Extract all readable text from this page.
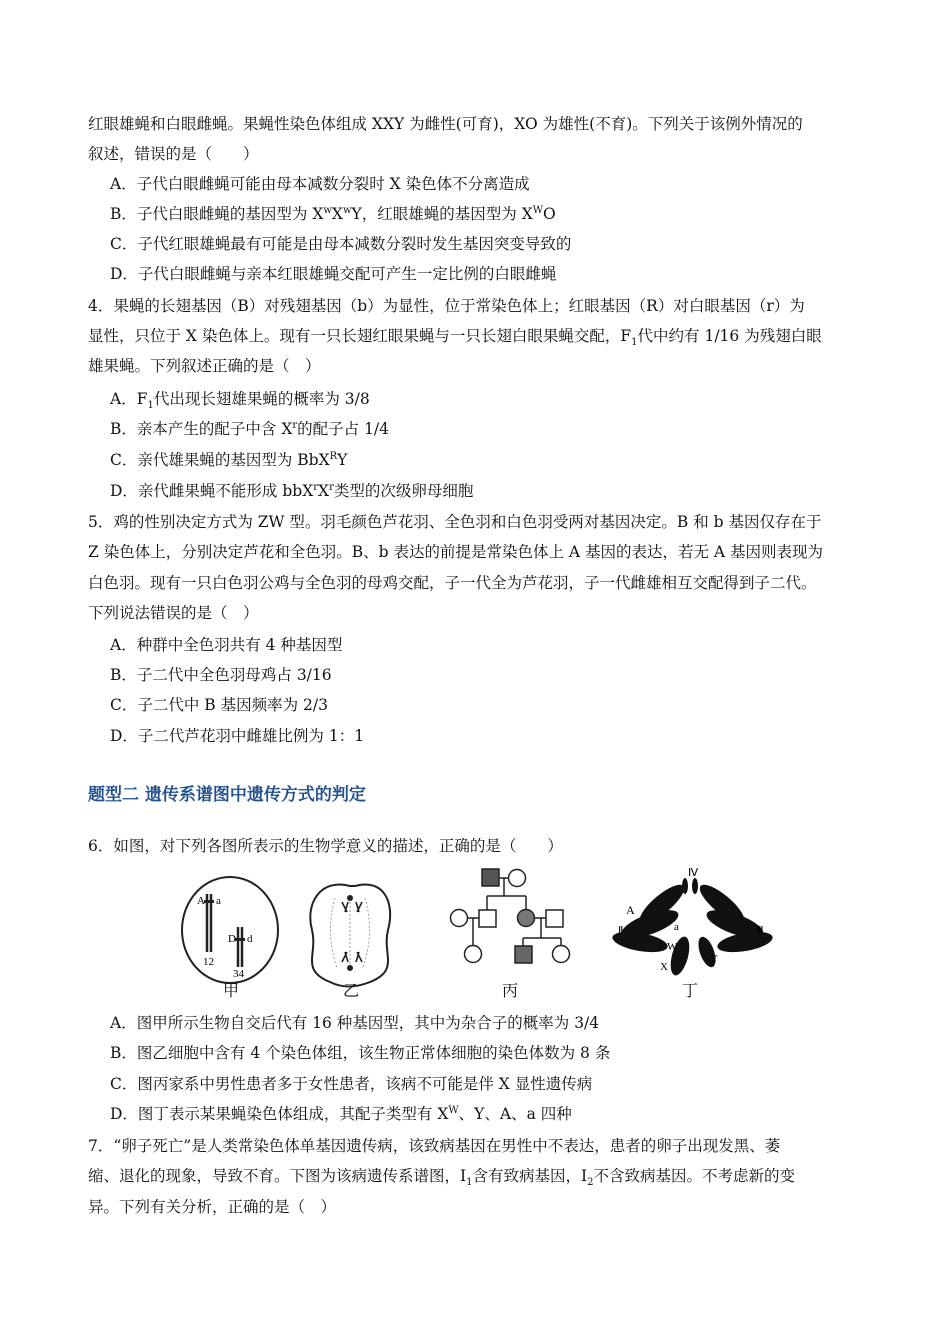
红眼雄蝇和白眼雌蝇。果蝇性染色体组成 XXY 为雌性(可育)，XO 为雄性(不育)。下列关于该例外情况的
叙述，错误的是（　　）
A．子代白眼雌蝇可能由母本减数分裂时 X 染色体不分离造成
B．子代白眼雌蝇的基因型为 $X^wX^wY$，红眼雄蝇的基因型为 $X^WO$
C．子代红眼雄蝇最有可能是由母本减数分裂时发生基因突变导致的
D．子代白眼雌蝇与亲本红眼雄蝇交配可产生一定比例的白眼雌蝇
4．果蝇的长翅基因（B）对残翅基因（b）为显性，位于常染色体上；红眼基因（R）对白眼基因（r）为
显性，只位于 X 染色体上。现有一只长翅红眼果蝇与一只长翅白眼果蝇交配，$F_1$代中约有 1/16 为残翅白眼
雄果蝇。下列叙述正确的是（　）
A．$F_1$代出现长翅雄果蝇的概率为 3/8
B．亲本产生的配子中含 $X^r$的配子占 1/4
C．亲代雄果蝇的基因型为 BbX$^R$Y
D．亲代雌果蝇不能形成 $bbX^rX^r$类型的次级卵母细胞
5．鸡的性别决定方式为 ZW 型。羽毛颜色芦花羽、全色羽和白色羽受两对基因决定。B 和 b 基因仅存在于
Z 染色体上，分别决定芦花和全色羽。B、b 表达的前提是常染色体上 A 基因的表达，若无 A 基因则表现为
白色羽。现有一只白色羽公鸡与全色羽的母鸡交配，子一代全为芦花羽，子一代雌雄相互交配得到子二代。
下列说法错误的是（　）
A．种群中全色羽共有 4 种基因型
B．子二代中全色羽母鸡占 3/16
C．子二代中 B 基因频率为 2/3
D．子二代芦花羽中雌雄比例为 1：1
题型二 遗传系谱图中遗传方式的判定
6．如图，对下列各图所表示的生物学意义的描述，正确的是（　　）
A a
12
D d
34
Ⅳ
A
Ⅱ	Ⅲ
a
W
X
Y
甲	乙	丙	丁
A．图甲所示生物自交后代有 16 种基因型，其中为杂合子的概率为 3/4
B．图乙细胞中含有 4 个染色体组，该生物正常体细胞的染色体数为 8 条
C．图丙家系中男性患者多于女性患者，该病不可能是伴 X 显性遗传病
D．图丁表示某果蝇染色体组成，其配子类型有 $X^W$、Y、A、a 四种
7．“卵子死亡”是人类常染色体单基因遗传病，该致病基因在男性中不表达，患者的卵子出现发黑、萎
缩、退化的现象，导致不育。下图为该病遗传系谱图，$I_1$含有致病基因，$I_2$不含致病基因。不考虑新的变
异。下列有关分析，正确的是（　）
